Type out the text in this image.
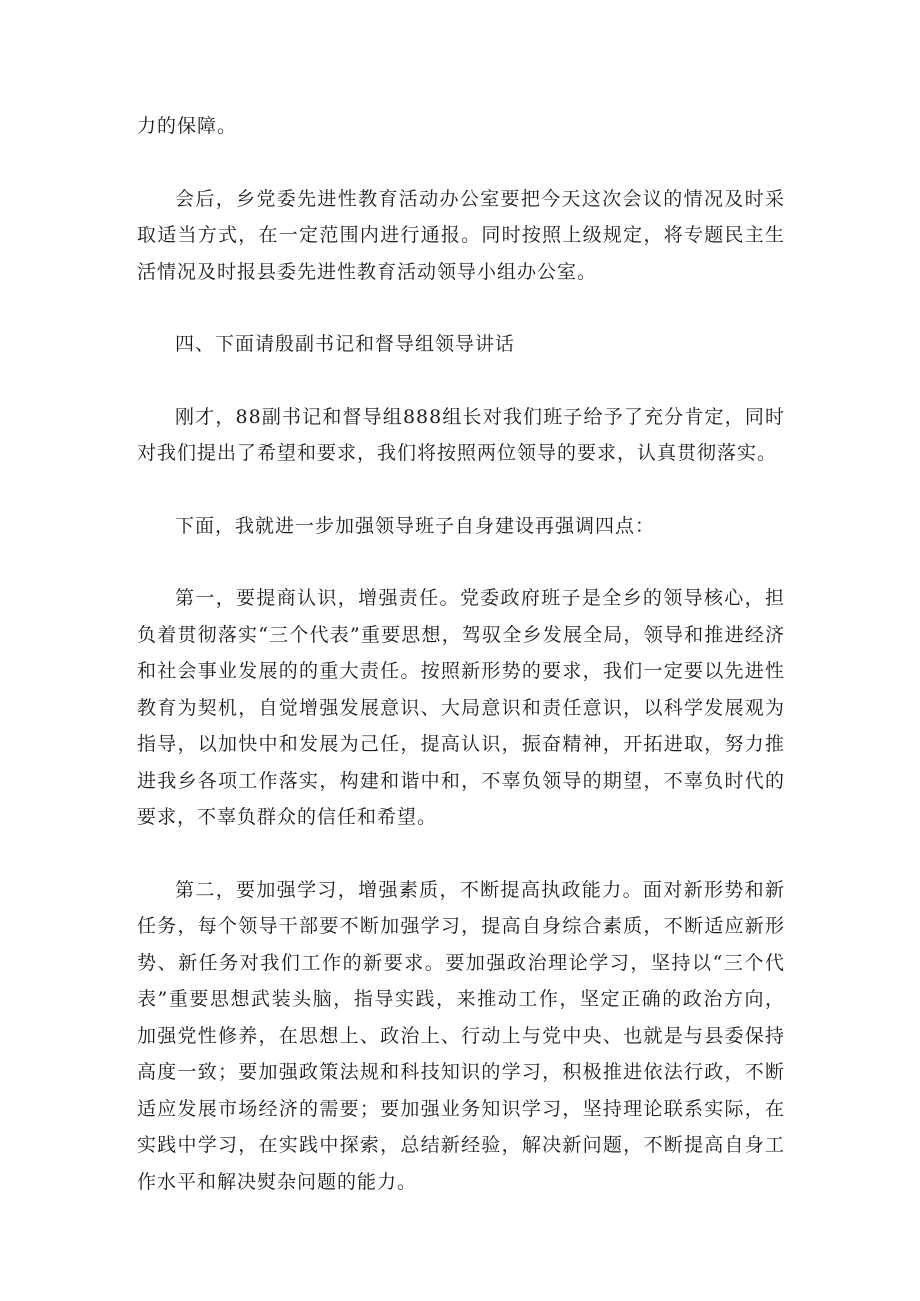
力的保障。

会后，乡党委先进性教育活动办公室要把今天这次会议的情况及时采取适当方式，在一定范围内进行通报。同时按照上级规定，将专题民主生活情况及时报县委先进性教育活动领导小组办公室。

四、下面请殷副书记和督导组领导讲话

刚才，88副书记和督导组888组长对我们班子给予了充分肯定，同时对我们提出了希望和要求，我们将按照两位领导的要求，认真贯彻落实。

下面，我就进一步加强领导班子自身建设再强调四点：

第一，要提商认识，增强责任。党委政府班子是全乡的领导核心，担负着贯彻落实“三个代表”重要思想，驾驭全乡发展全局，领导和推进经济和社会事业发展的的重大责任。按照新形势的要求，我们一定要以先进性教育为契机，自觉增强发展意识、大局意识和责任意识，以科学发展观为指导，以加快中和发展为己任，提高认识，振奋精神，开拓进取，努力推进我乡各项工作落实，构建和谐中和，不辜负领导的期望，不辜负时代的要求，不辜负群众的信任和希望。

第二，要加强学习，增强素质，不断提高执政能力。面对新形势和新任务，每个领导干部要不断加强学习，提高自身综合素质，不断适应新形势、新任务对我们工作的新要求。要加强政治理论学习，坚持以“三个代表”重要思想武装头脑，指导实践，来推动工作，坚定正确的政治方向，加强党性修养，在思想上、政治上、行动上与党中央、也就是与县委保持高度一致；要加强政策法规和科技知识的学习，积极推进依法行政，不断适应发展市场经济的需要；要加强业务知识学习，坚持理论联系实际，在实践中学习，在实践中探索，总结新经验，解决新问题，不断提高自身工作水平和解决熨杂问题的能力。
